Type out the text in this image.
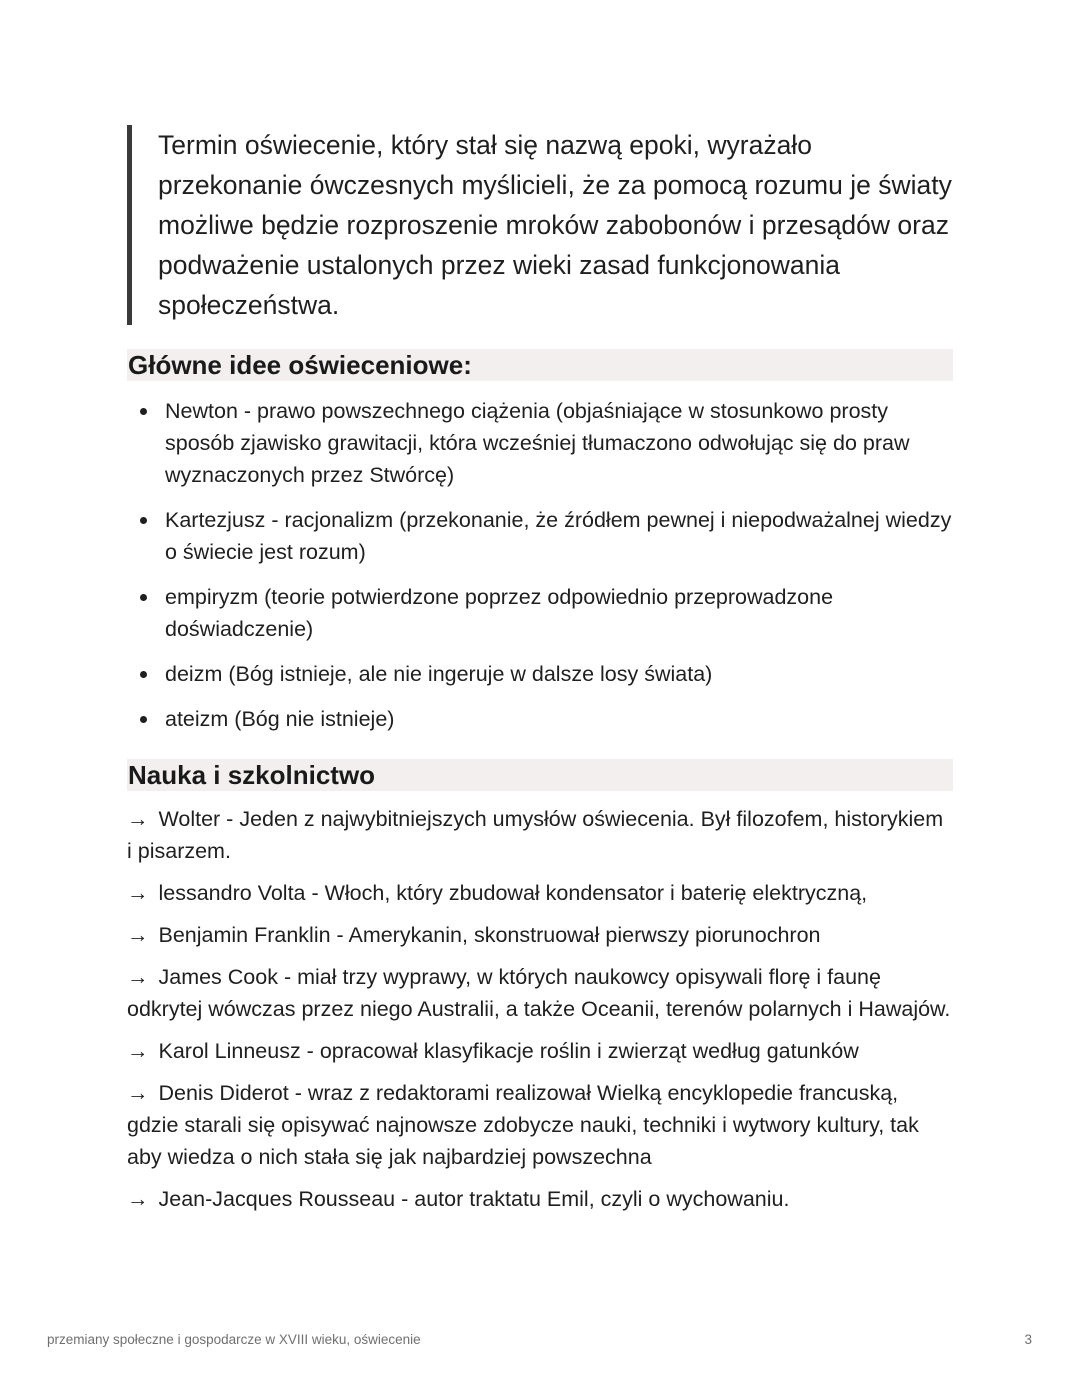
Termin oświecenie, który stał się nazwą epoki, wyrażało przekonanie ówczesnych myślicieli, że za pomocą rozumu je światy możliwe będzie rozproszenie mroków zabobonów i przesądów oraz podważenie ustalonych przez wieki zasad funkcjonowania społeczeństwa.
Główne idee oświeceniowe:
Newton - prawo powszechnego ciążenia (objaśniające w stosunkowo prosty sposób zjawisko grawitacji, która wcześniej tłumaczono odwołując się do praw wyznaczonych przez Stwórcę)
Kartezjusz - racjonalizm (przekonanie, że źródłem pewnej i niepodważalnej wiedzy o świecie jest rozum)
empiryzm (teorie potwierdzone poprzez odpowiednio przeprowadzone doświadczenie)
deizm (Bóg istnieje, ale nie ingeruje w dalsze losy świata)
ateizm (Bóg nie istnieje)
Nauka i szkolnictwo
→ Wolter - Jeden z najwybitniejszych umysłów oświecenia. Był filozofem, historykiem i pisarzem.
→ lessandro Volta - Włoch, który zbudował kondensator i baterię elektryczną,
→ Benjamin Franklin - Amerykanin, skonstruował pierwszy piorunochron
→ James Cook - miał trzy wyprawy, w których naukowcy opisywali florę i faunę odkrytej wówczas przez niego Australii, a także Oceanii, terenów polarnych i Hawajów.
→ Karol Linneusz - opracował klasyfikacje roślin i zwierząt według gatunków
→ Denis Diderot - wraz z redaktorami realizował Wielką encyklopedie francuską, gdzie starali się opisywać najnowsze zdobycze nauki, techniki i wytwory kultury, tak aby wiedza o nich stała się jak najbardziej powszechna
→ Jean-Jacques Rousseau - autor traktatu Emil, czyli o wychowaniu.
przemiany społeczne i gospodarcze w XVIII wieku, oświecenie	3
